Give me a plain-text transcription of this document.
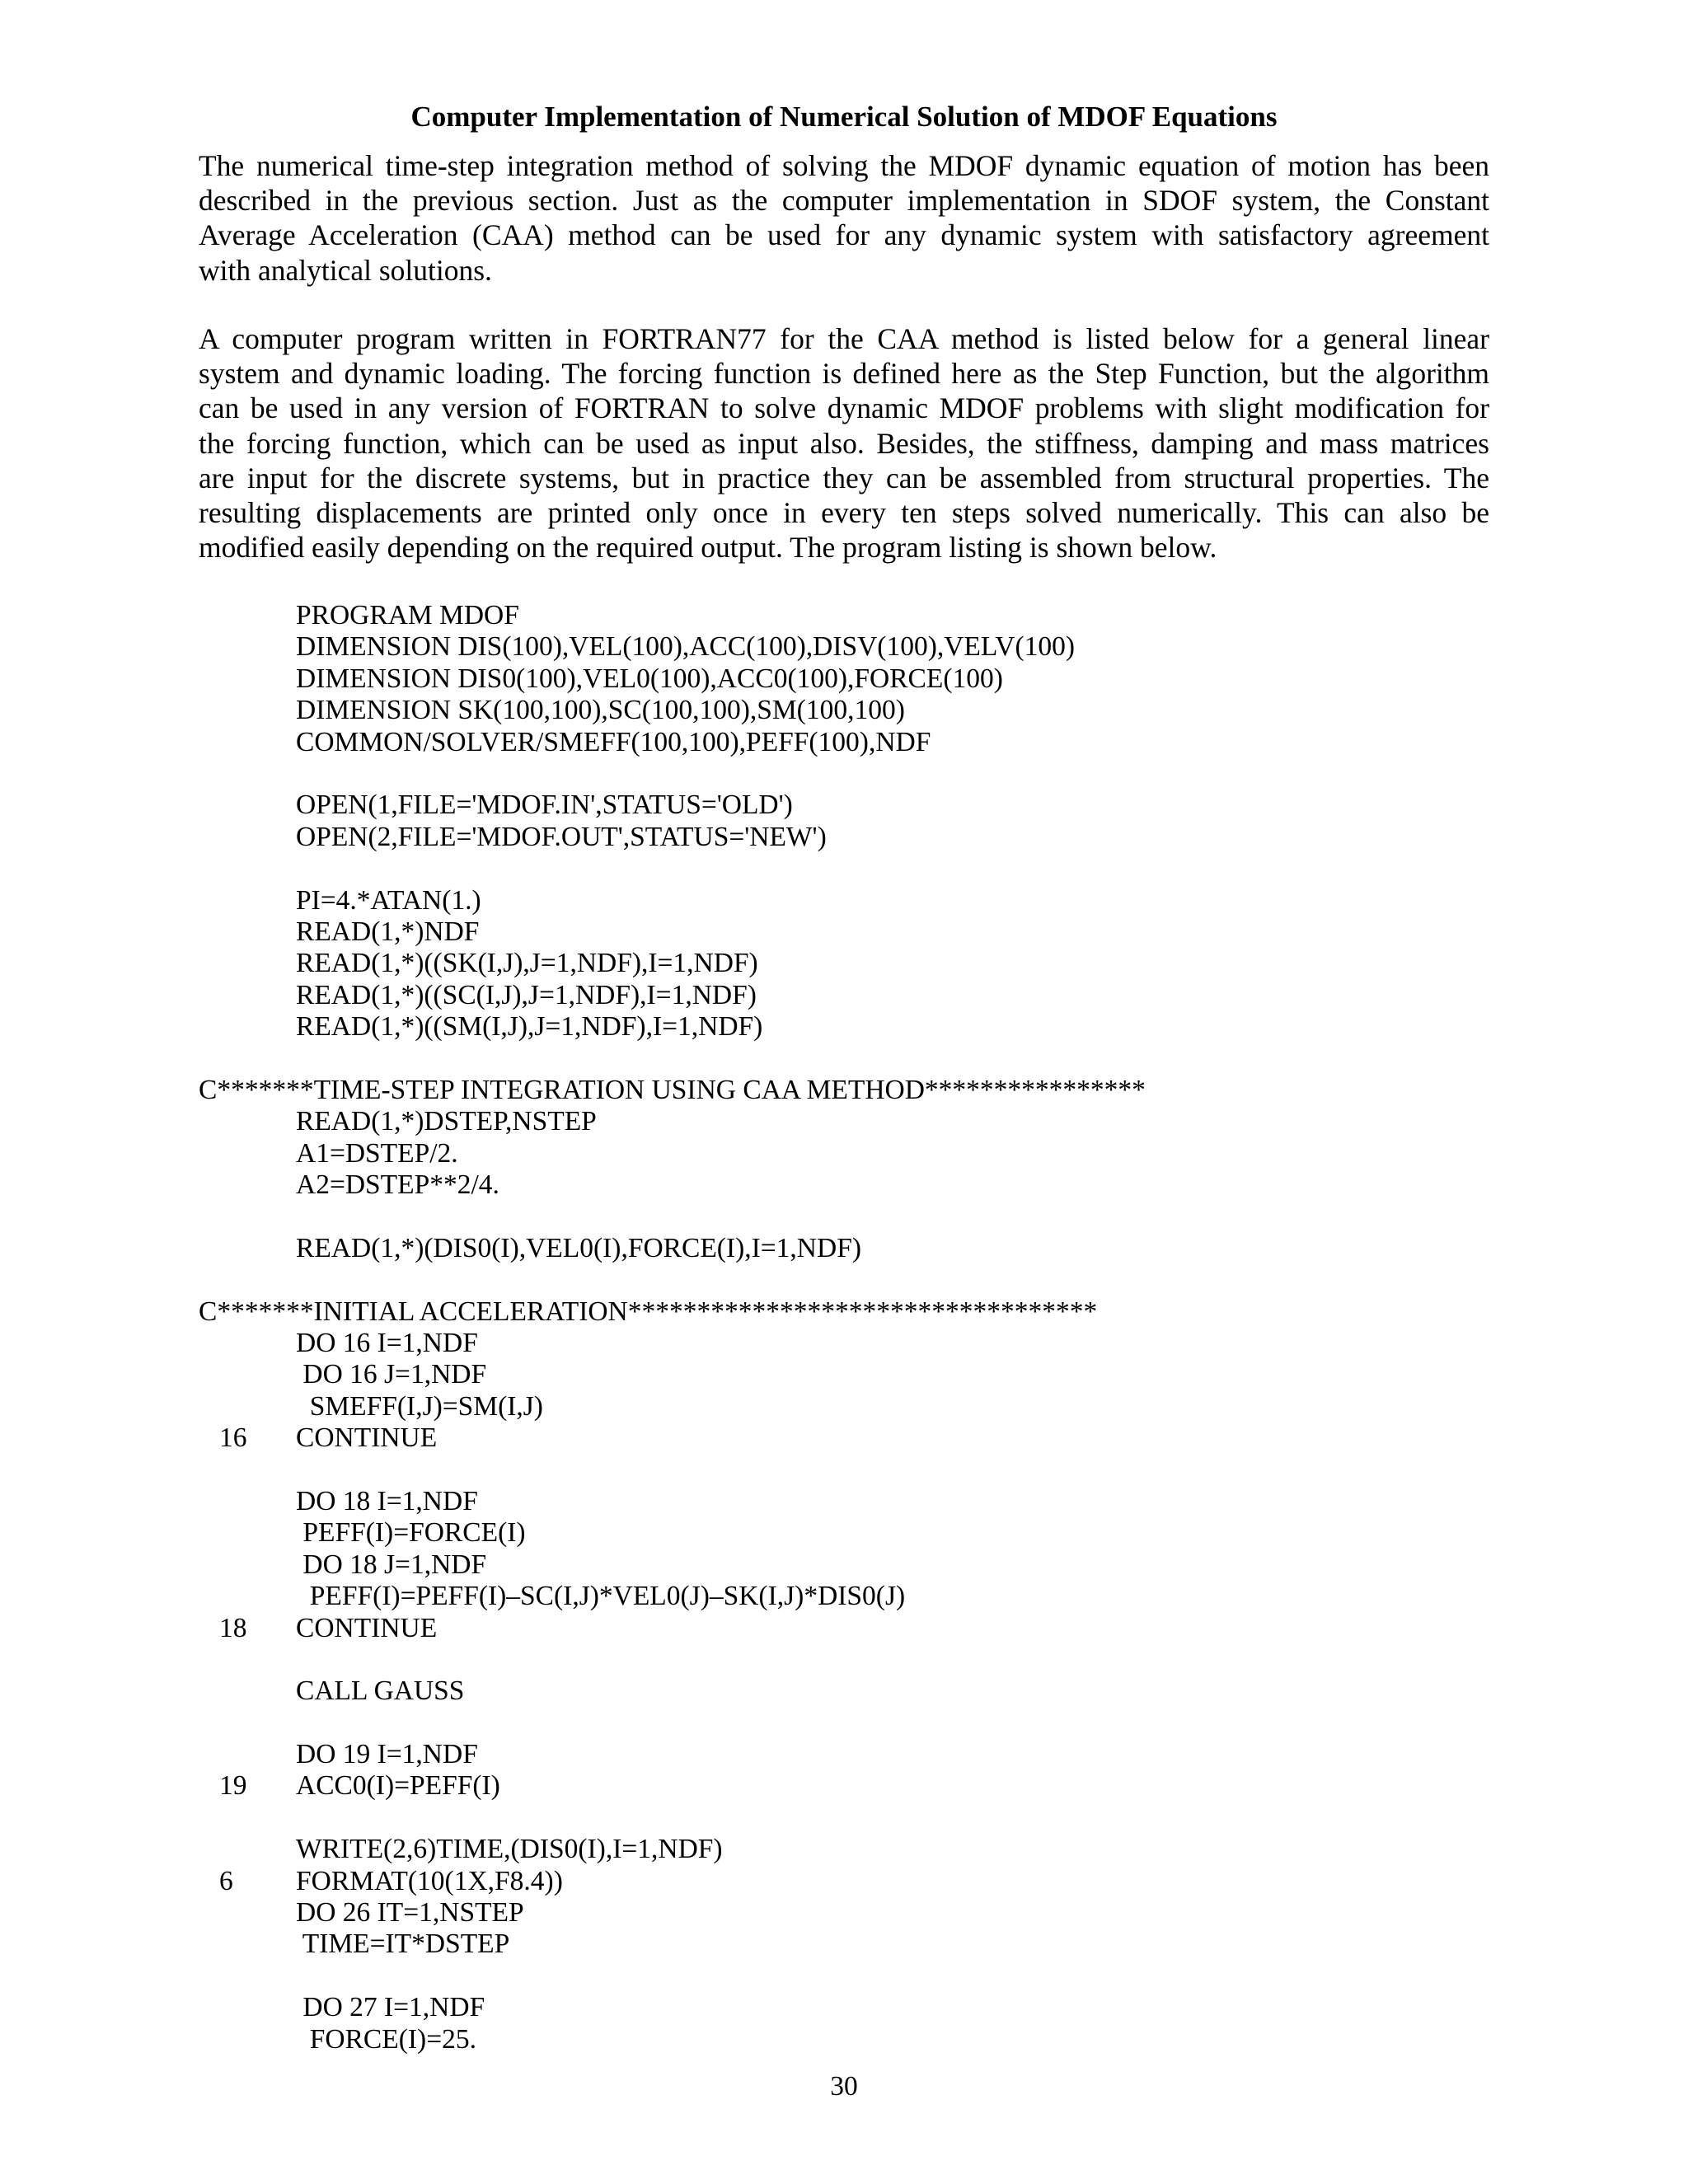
Computer Implementation of Numerical Solution of MDOF Equations
The numerical time-step integration method of solving the MDOF dynamic equation of motion has been
described in the previous section. Just as the computer implementation in SDOF system, the Constant
Average Acceleration (CAA) method can be used for any dynamic system with satisfactory agreement
with analytical solutions.
A computer program written in FORTRAN77 for the CAA method is listed below for a general linear
system and dynamic loading. The forcing function is defined here as the Step Function, but the algorithm
can be used in any version of FORTRAN to solve dynamic MDOF problems with slight modification for
the forcing function, which can be used as input also. Besides, the stiffness, damping and mass matrices
are input for the discrete systems, but in practice they can be assembled from structural properties. The
resulting displacements are printed only once in every ten steps solved numerically. This can also be
modified easily depending on the required output. The program listing is shown below.
PROGRAM MDOF
DIMENSION DIS(100),VEL(100),ACC(100),DISV(100),VELV(100)
DIMENSION DIS0(100),VEL0(100),ACC0(100),FORCE(100)
DIMENSION SK(100,100),SC(100,100),SM(100,100)
COMMON/SOLVER/SMEFF(100,100),PEFF(100),NDF
OPEN(1,FILE='MDOF.IN',STATUS='OLD')
OPEN(2,FILE='MDOF.OUT',STATUS='NEW')
PI=4.*ATAN(1.)
READ(1,*)NDF
READ(1,*)((SK(I,J),J=1,NDF),I=1,NDF)
READ(1,*)((SC(I,J),J=1,NDF),I=1,NDF)
READ(1,*)((SM(I,J),J=1,NDF),I=1,NDF)
C*******TIME-STEP INTEGRATION USING CAA METHOD****************
READ(1,*)DSTEP,NSTEP
A1=DSTEP/2.
A2=DSTEP**2/4.
READ(1,*)(DIS0(I),VEL0(I),FORCE(I),I=1,NDF)
C*******INITIAL ACCELERATION**********************************
DO 16 I=1,NDF
DO 16 J=1,NDF
SMEFF(I,J)=SM(I,J)
16 CONTINUE
DO 18 I=1,NDF
PEFF(I)=FORCE(I)
DO 18 J=1,NDF
PEFF(I)=PEFF(I)–SC(I,J)*VEL0(J)–SK(I,J)*DIS0(J)
18 CONTINUE
CALL GAUSS
DO 19 I=1,NDF
19 ACC0(I)=PEFF(I)
WRITE(2,6)TIME,(DIS0(I),I=1,NDF)
6	FORMAT(10(1X,F8.4))
DO 26 IT=1,NSTEP
TIME=IT*DSTEP
DO 27 I=1,NDF
FORCE(I)=25.

30
